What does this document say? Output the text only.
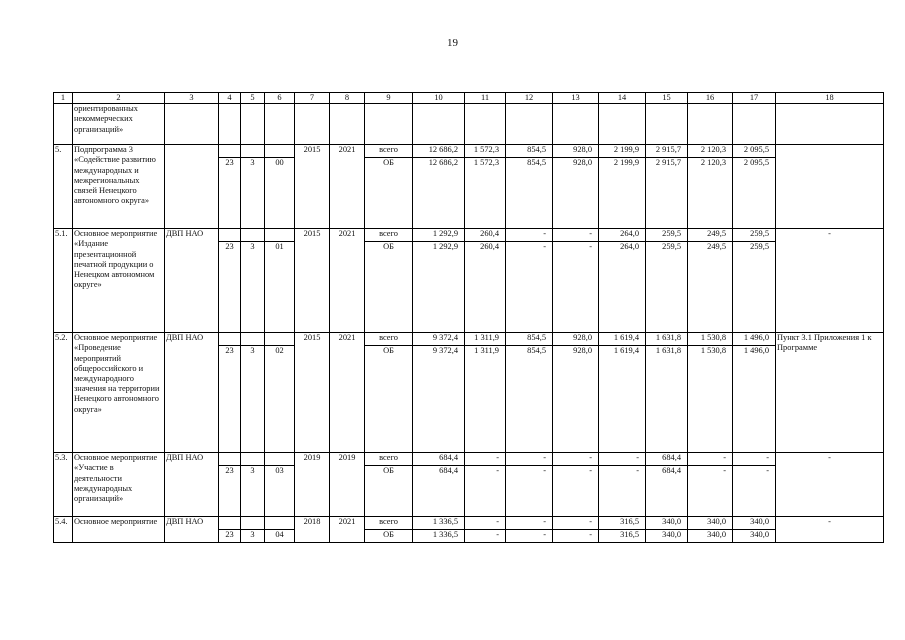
19
1	2	3	4	5	6	7	8	9	10	11	12	13	14	15	16	17	18
	ориентированных некоммерческих организаций»																
5.	Подпрограмма 3 «Содействие развитию международных и межрегиональных связей Ненецкого автономного округа»					2015	2021	всего	12 686,2	1 572,3	854,5	928,0	2 199,9	2 915,7	2 120,3	2 095,5	
			23	3	00			ОБ	12 686,2	1 572,3	854,5	928,0	2 199,9	2 915,7	2 120,3	2 095,5	
5.1.	Основное мероприятие «Издание презентационной печатной продукции о Ненецком автономном округе»	ДВП НАО				2015	2021	всего	1 292,9	260,4	-	-	264,0	259,5	249,5	259,5	-
			23	3	01			ОБ	1 292,9	260,4	-	-	264,0	259,5	249,5	259,5	
5.2.	Основное мероприятие «Проведение мероприятий общероссийского и международного значения на территории Ненецкого автономного округа»	ДВП НАО				2015	2021	всего	9 372,4	1 311,9	854,5	928,0	1 619,4	1 631,8	1 530,8	1 496,0	Пункт 3.1 Приложения 1 к Программе
			23	3	02			ОБ	9 372,4	1 311,9	854,5	928,0	1 619,4	1 631,8	1 530,8	1 496,0	
5.3.	Основное мероприятие «Участие в деятельности международных организаций»	ДВП НАО				2019	2019	всего	684,4	-	-	-	-	684,4	-	-	-
			23	3	03			ОБ	684,4	-	-	-	-	684,4	-	-	
5.4.	Основное мероприятие	ДВП НАО				2018	2021	всего	1 336,5	-	-	-	316,5	340,0	340,0	340,0	-
			23	3	04			ОБ	1 336,5	-	-	-	316,5	340,0	340,0	340,0	
